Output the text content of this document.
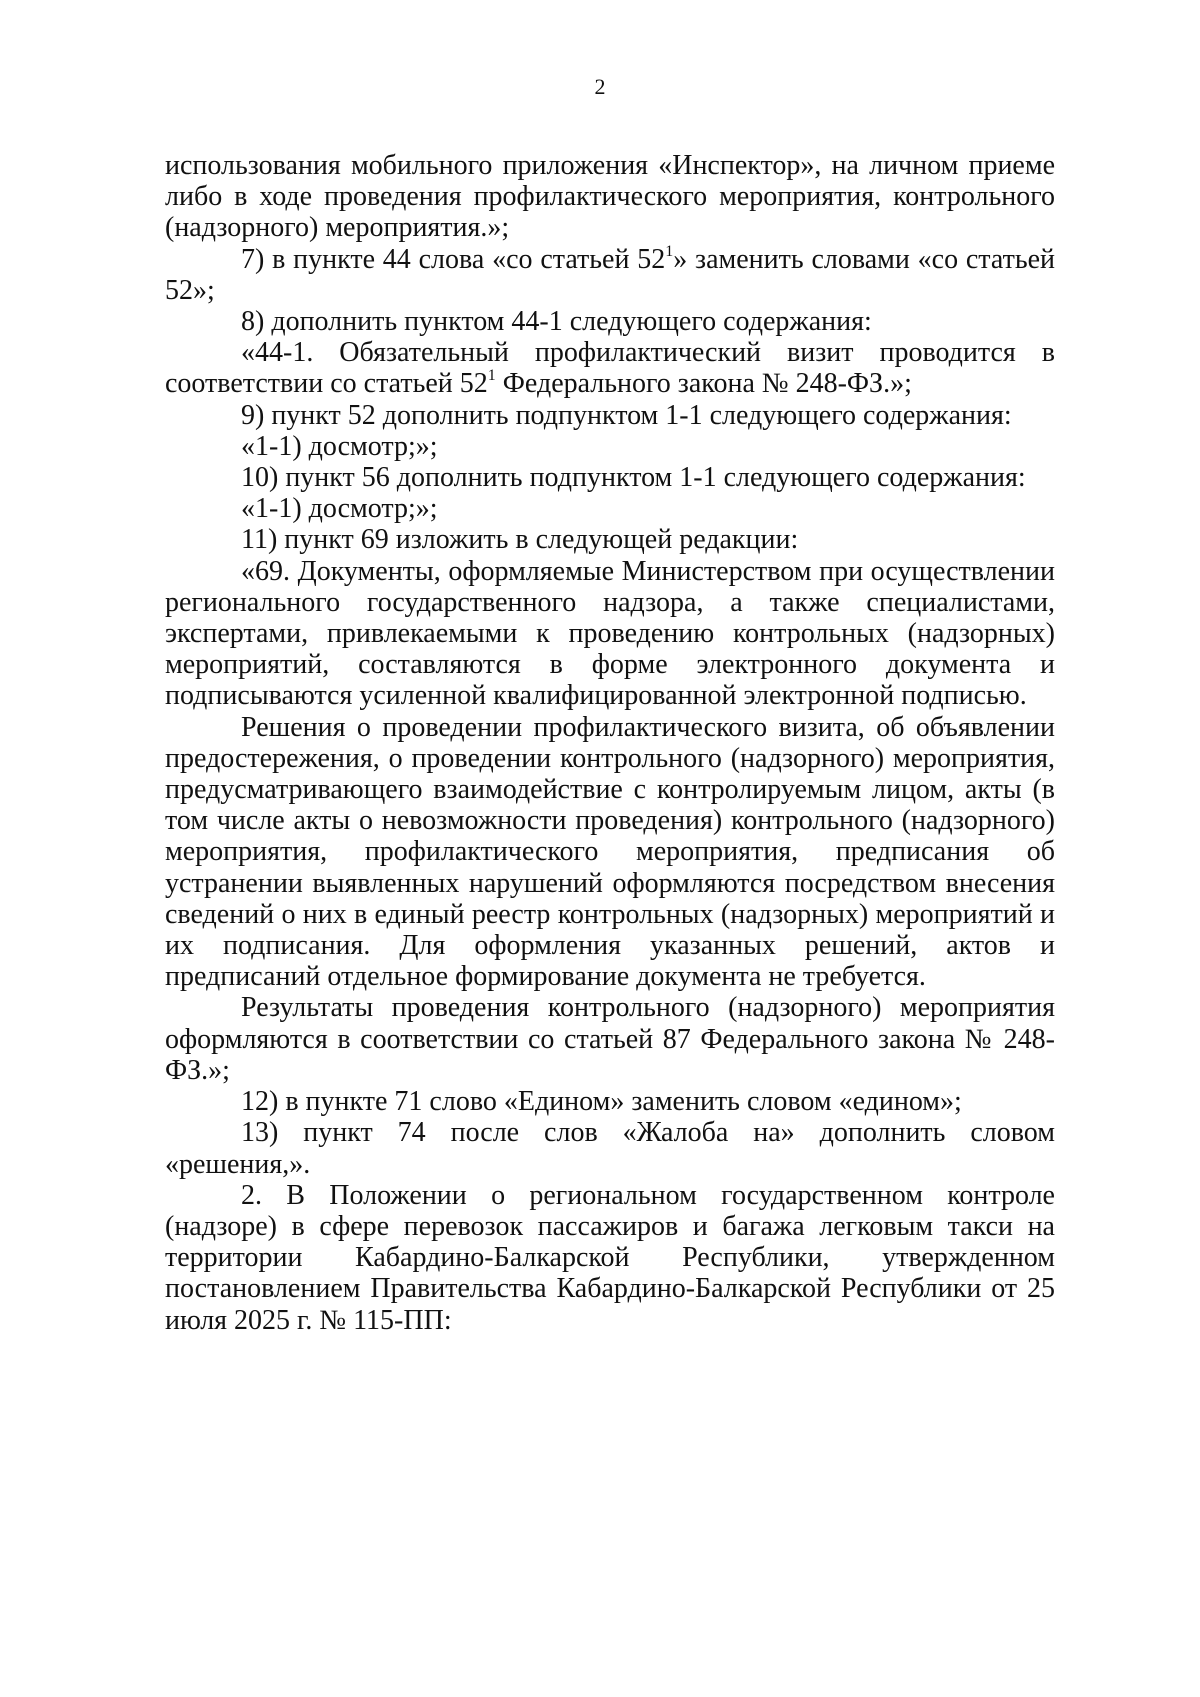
2

использования мобильного приложения «Инспектор», на личном приеме либо в ходе проведения профилактического мероприятия, контрольного (надзорного) мероприятия.»;

7) в пункте 44 слова «со статьей $52^1$» заменить словами «со статьей 52»;

8) дополнить пунктом 44-1 следующего содержания:

«44-1. Обязательный профилактический визит проводится в соответствии со статьей $52^1$ Федерального закона № 248-ФЗ.»;

9) пункт 52 дополнить подпунктом 1-1 следующего содержания:

«1-1) досмотр;»;

10) пункт 56 дополнить подпунктом 1-1 следующего содержания:

«1-1) досмотр;»;

11) пункт 69 изложить в следующей редакции:

«69. Документы, оформляемые Министерством при осуществлении регионального государственного надзора, а также специалистами, экспертами, привлекаемыми к проведению контрольных (надзорных) мероприятий, составляются в форме электронного документа и подписываются усиленной квалифицированной электронной подписью.

Решения о проведении профилактического визита, об объявлении предостережения, о проведении контрольного (надзорного) мероприятия, предусматривающего взаимодействие с контролируемым лицом, акты (в том числе акты о невозможности проведения) контрольного (надзорного) мероприятия, профилактического мероприятия, предписания об устранении выявленных нарушений оформляются посредством внесения сведений о них в единый реестр контрольных (надзорных) мероприятий и их подписания. Для оформления указанных решений, актов и предписаний отдельное формирование документа не требуется.

Результаты проведения контрольного (надзорного) мероприятия оформляются в соответствии со статьей 87 Федерального закона № 248-ФЗ.»;

12) в пункте 71 слово «Едином» заменить словом «едином»;

13) пункт 74 после слов «Жалоба на» дополнить словом «решения,».

2. В Положении о региональном государственном контроле (надзоре) в сфере перевозок пассажиров и багажа легковым такси на территории Кабардино-Балкарской Республики, утвержденном постановлением Правительства Кабардино-Балкарской Республики от 25 июля 2025 г. № 115-ПП:
